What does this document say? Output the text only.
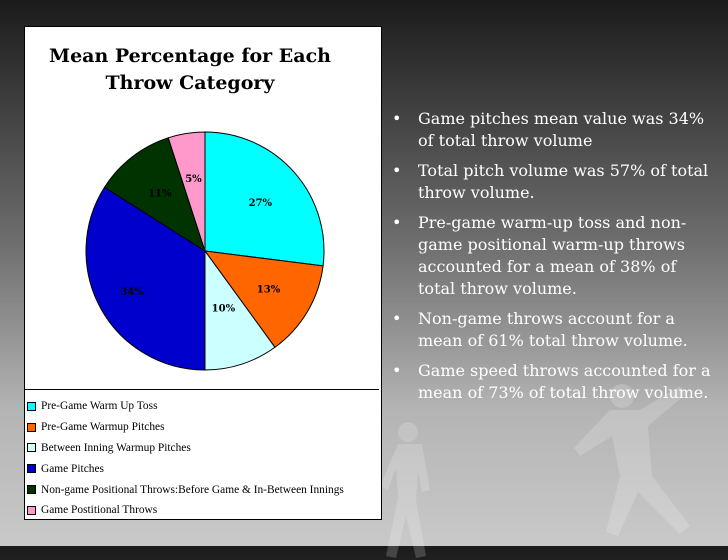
Mean Percentage for Each
Throw Category
27%
13%
10%
34%
11%
5%
Pre-Game Warm Up Toss
Pre-Game Warmup Pitches
Between Inning Warmup Pitches
Game Pitches
Non-game Positional Throws:Before Game & In-Between Innings
Game Postitional Throws
• Game pitches mean value was 34% of total throw volume
• Total pitch volume was 57% of total throw volume.
• Pre-game warm-up toss and non-game positional warm-up throws accounted for a mean of 38% of total throw volume.
• Non-game throws account for a mean of 61% total throw volume.
• Game speed throws accounted for a mean of 73% of total throw volume.
